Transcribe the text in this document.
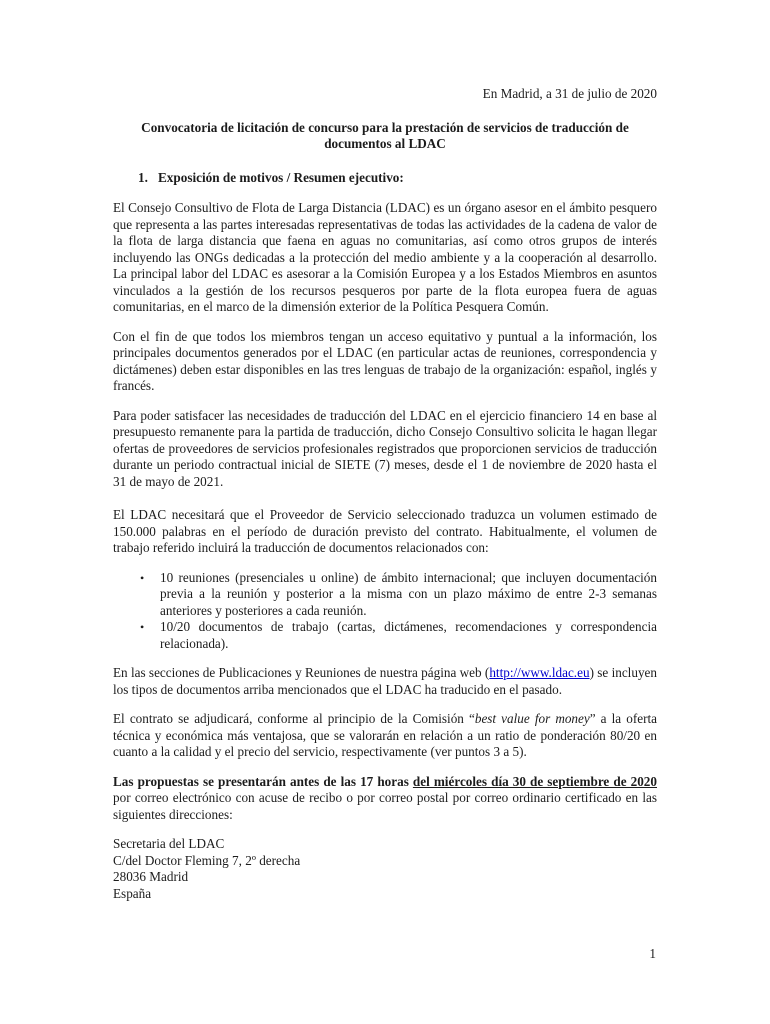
En Madrid, a 31 de julio de 2020
Convocatoria de licitación de concurso para la prestación de servicios de traducción de documentos al LDAC
1. Exposición de motivos / Resumen ejecutivo:

El Consejo Consultivo de Flota de Larga Distancia (LDAC) es un órgano asesor en el ámbito pesquero que representa a las partes interesadas representativas de todas las actividades de la cadena de valor de la flota de larga distancia que faena en aguas no comunitarias, así como otros grupos de interés incluyendo las ONGs dedicadas a la protección del medio ambiente y a la cooperación al desarrollo. La principal labor del LDAC es asesorar a la Comisión Europea y a los Estados Miembros en asuntos vinculados a la gestión de los recursos pesqueros por parte de la flota europea fuera de aguas comunitarias, en el marco de la dimensión exterior de la Política Pesquera Común.

Con el fin de que todos los miembros tengan un acceso equitativo y puntual a la información, los principales documentos generados por el LDAC (en particular actas de reuniones, correspondencia y dictámenes) deben estar disponibles en las tres lenguas de trabajo de la organización: español, inglés y francés.

Para poder satisfacer las necesidades de traducción del LDAC en el ejercicio financiero 14 en base al presupuesto remanente para la partida de traducción, dicho Consejo Consultivo solicita le hagan llegar ofertas de proveedores de servicios profesionales registrados que proporcionen servicios de traducción durante un periodo contractual inicial de SIETE (7) meses, desde el 1 de noviembre de 2020 hasta el 31 de mayo de 2021.

El LDAC necesitará que el Proveedor de Servicio seleccionado traduzca un volumen estimado de 150.000 palabras en el período de duración previsto del contrato. Habitualmente, el volumen de trabajo referido incluirá la traducción de documentos relacionados con:

•	10 reuniones (presenciales u online) de ámbito internacional; que incluyen documentación previa a la reunión y posterior a la misma con un plazo máximo de entre 2-3 semanas anteriores y posteriores a cada reunión.
•	10/20 documentos de trabajo (cartas, dictámenes, recomendaciones y correspondencia relacionada).

En las secciones de Publicaciones y Reuniones de nuestra página web (http://www.ldac.eu) se incluyen los tipos de documentos arriba mencionados que el LDAC ha traducido en el pasado.

El contrato se adjudicará, conforme al principio de la Comisión “best value for money” a la oferta técnica y económica más ventajosa, que se valorarán en relación a un ratio de ponderación 80/20 en cuanto a la calidad y el precio del servicio, respectivamente (ver puntos 3 a 5).

Las propuestas se presentarán antes de las 17 horas del miércoles día 30 de septiembre de 2020 por correo electrónico con acuse de recibo o por correo postal por correo ordinario certificado en las siguientes direcciones:

Secretaria del LDAC
C/del Doctor Fleming 7, 2º derecha
28036 Madrid
España
1
